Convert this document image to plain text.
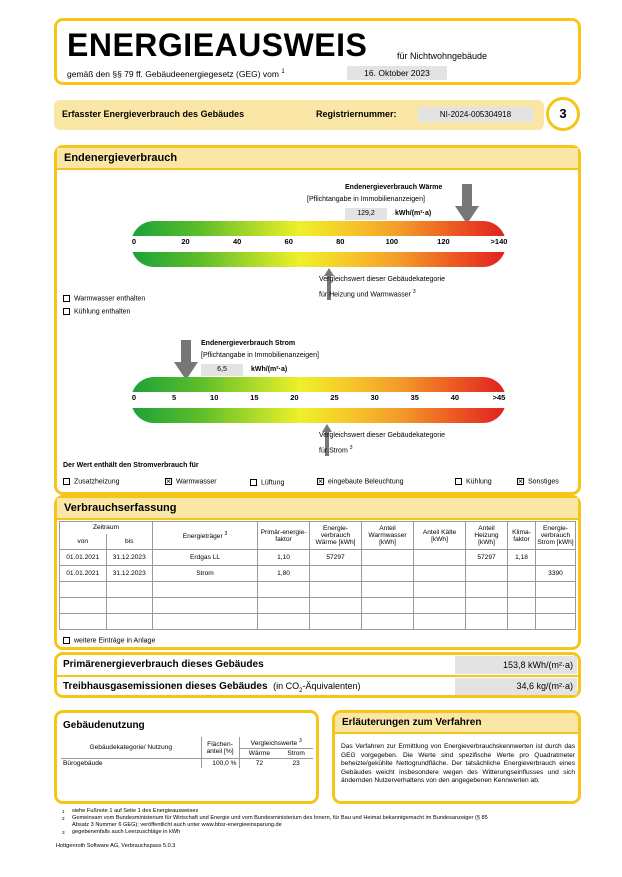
ENERGIEAUSWEIS	für Nichtwohngebäude
gemäß den §§ 79 ff. Gebäudeenergiegesetz (GEG) vom $^1$	16. Oktober 2023
Erfasster Energieverbrauch des Gebäudes	Registriernummer:	NI-2024-005304918	3
Endenergieverbrauch
Endenergieverbrauch Wärme
[Pflichtangabe in Immobilienanzeigen]
129,2	kWh/(m²·a)
0	20	40	60	80	100	120	>140
Vergleichswert dieser Gebäudekategorie
für Heizung und Warmwasser $^3$
Warmwasser enthalten
Kühlung enthalten
Endenergieverbrauch Strom
[Pflichtangabe in Immobilienanzeigen]
6,5	kWh/(m²·a)
0	5	10	15	20	25	30	35	40	>45
Vergleichswert dieser Gebäudekategorie
für Strom $^3$
Der Wert enthält den Stromverbrauch für
Zusatzheizung ×	Warmwasser	Lüftung ×	eingebaute Beleuchtung	Kühlung ×	Sonstiges
Verbrauchserfassung
Zeitraum		Energieträger $^3$	Primär-energie-faktor	Energie-verbrauch Wärme [kWh]	Anteil Warmwasser [kWh]	Anteil Kälte [kWh]	Anteil Heizung [kWh]	Klima-faktor	Energie-verbrauch Strom [kWh]
von	bis								
01.01.2021	31.12.2023	Erdgas LL	1,10	57297			57297	1,18	
01.01.2021	31.12.2023	Strom	1,80						3390

weitere Einträge in Anlage
Primärenergieverbrauch dieses Gebäudes	153,8 kWh/(m²·a)
Treibhausgasemissionen dieses Gebäudes (in $CO_2-Äquivalenten$)	34,6 kg/(m²·a)
Gebäudenutzung
Gebäudekategorie/ Nutzung	Flächen-anteil [%]	Vergleichswerte $^3$
		Wärme	Strom
Bürogebäude	100,0 %	72	23
Erläuterungen zum Verfahren
Das Verfahren zur Ermittlung von Energieverbrauchskennwerten ist durch das GEG vorgegeben. Die Werte sind spezifische Werte pro Quadratmeter beheizte/gekühlte Nettogrundfläche. Der tatsächliche Energieverbrauch eines Gebäudes weicht insbesondere wegen des Witterungseinflusses und sich ändernden Nutzerverhaltens von den angegebenen Kennwerten ab.
1	siehe Fußnote 1 auf Seite 1 des Energieausweises
2	Gemeinsam vom Bundesministerium für Wirtschaft und Energie und vom Bundesministerium des Innern, für Bau und Heimat bekanntgemacht im Bundesanzeiger (§ 85 Absatz 3 Nummer 6 GEG); veröffentlicht auch unter www.bbsr-energieeinsparung.de
3	gegebenenfalls auch Leerzuschläge in kWh
Hottgenroth Software AG, Verbrauchspass 5.0.3
